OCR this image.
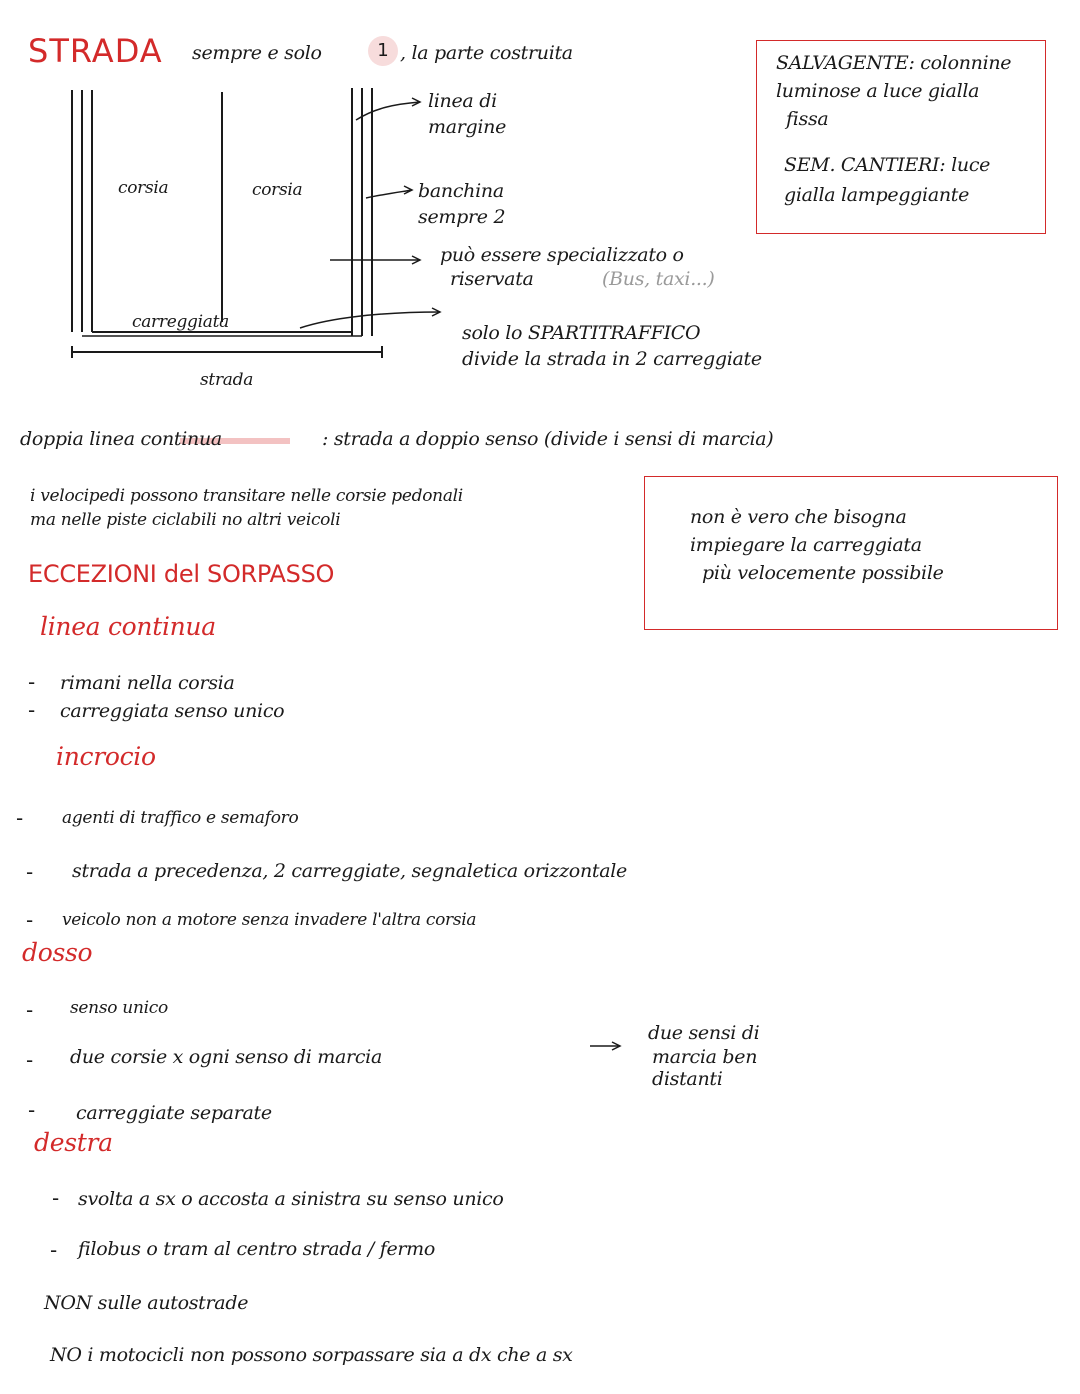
STRADA sempre e solo	1 , la parte costruita
corsia	corsia
carreggiata
strada
linea di
margine
banchina
sempre 2
può essere specializzato o
riservata	(Bus, taxi...)
solo lo SPARTITRAFFICO
divide la strada in 2 carreggiate
SALVAGENTE: colonnine
luminose a luce gialla
fissa
SEM. CANTIERI: luce
gialla lampeggiante
doppia linea continua	: strada a doppio senso (divide i sensi di marcia)
i velocipedi possono transitare nelle corsie pedonali
ma nelle piste ciclabili no altri veicoli	non è vero che bisogna
impiegare la carreggiata
più velocemente possibile
ECCEZIONI del SORPASSO
linea continua
- rimani nella corsia
- carreggiata senso unico
incrocio
- agenti di traffico e semaforo
- strada a precedenza, 2 carreggiate, segnaletica orizzontale
- veicolo non a motore senza invadere l'altra corsia
dosso
- senso unico
- due corsie x ogni senso di marcia
- carreggiate separate
due sensi di
marcia ben
distanti
destra
- svolta a sx o accosta a sinistra su senso unico
- filobus o tram al centro strada / fermo
NON sulle autostrade
NO i motocicli non possono sorpassare sia a dx che a sx
